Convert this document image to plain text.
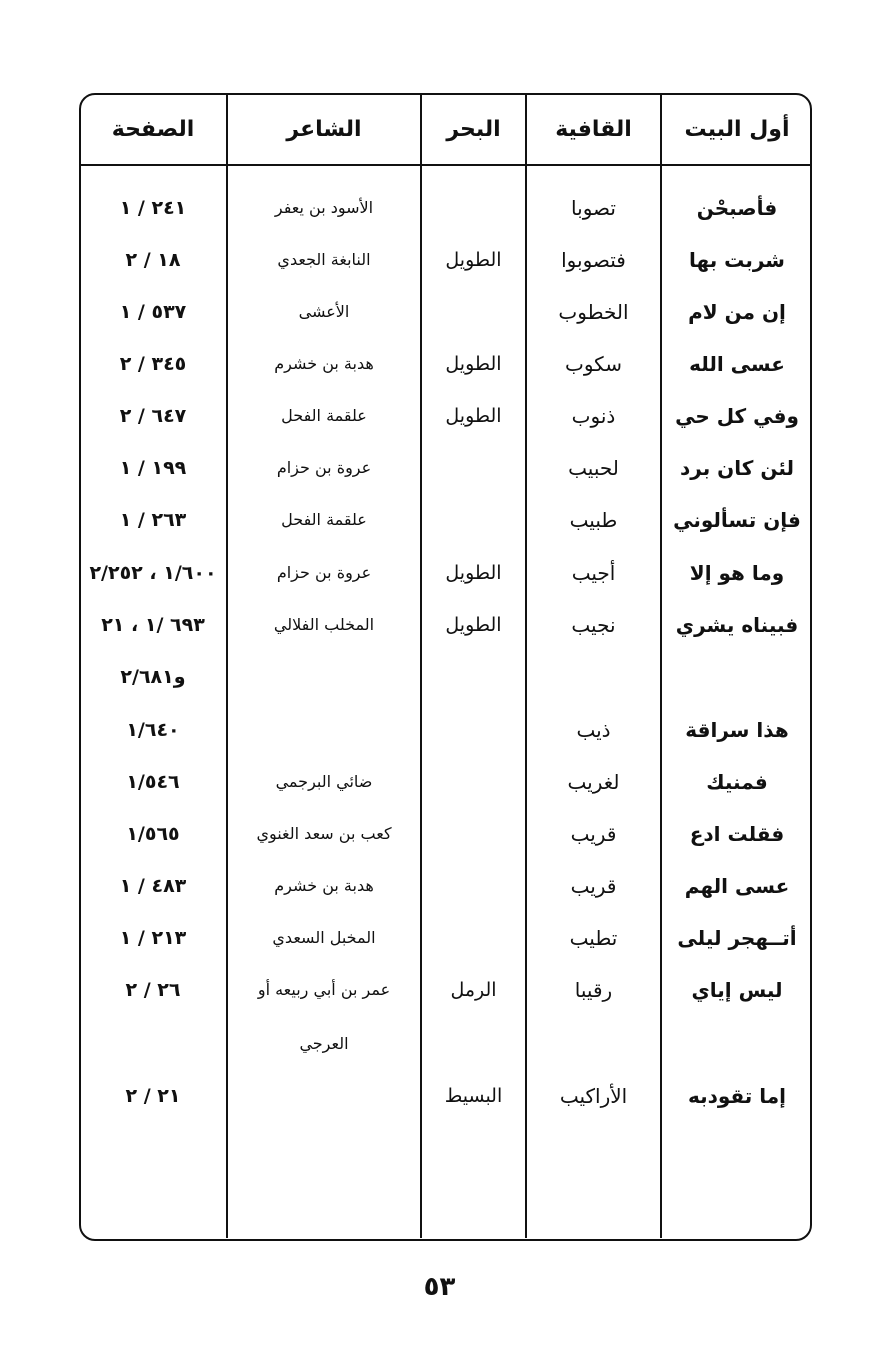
أول البيت
القافية
البحر
الشاعر
الصفحة
فأصبحْن
تصوبا
الأسود بن يعفر
٢٤١ / ١
شربت بها
فتصوبوا
الطويل
النابغة الجعدي
١٨ / ٢
إن من لام
الخطوب
الأعشى
٥٣٧ / ١
عسى الله
سكوب
الطويل
هدبة بن خشرم
٣٤٥ / ٢
وفي كل حي
ذنوب
الطويل
علقمة الفحل
٦٤٧ / ٢
لئن كان برد
لحبيب
عروة بن حزام
١٩٩ / ١
فإن تسألوني
طبيب
علقمة الفحل
٢٦٣ / ١
وما هو إلا
أجيب
الطويل
عروة بن حزام
١/٦٠٠ ، ٢/٢٥٢
فبيناه يشري
نجيب
الطويل
المخلب الفلالي
٦٩٣ /١ ، ٢١
و٢/٦٨١
هذا سراقة
ذيب
١/٦٤٠
فمنيك
لغريب
ضائي البرجمي
١/٥٤٦
فقلت ادع
قريب
كعب بن سعد الغنوي
١/٥٦٥
عسى الهم
قريب
هدبة بن خشرم
٤٨٣ / ١
أتــهجر ليلى
تطيب
المخبل السعدي
٢١٣ / ١
ليس إياي
رقيبا
الرمل
عمر بن أبي ربيعه أو
٢٦ / ٢
العرجي
إما تقودبه
الأراكيب
البسيط
٢١ / ٢
٥٣
